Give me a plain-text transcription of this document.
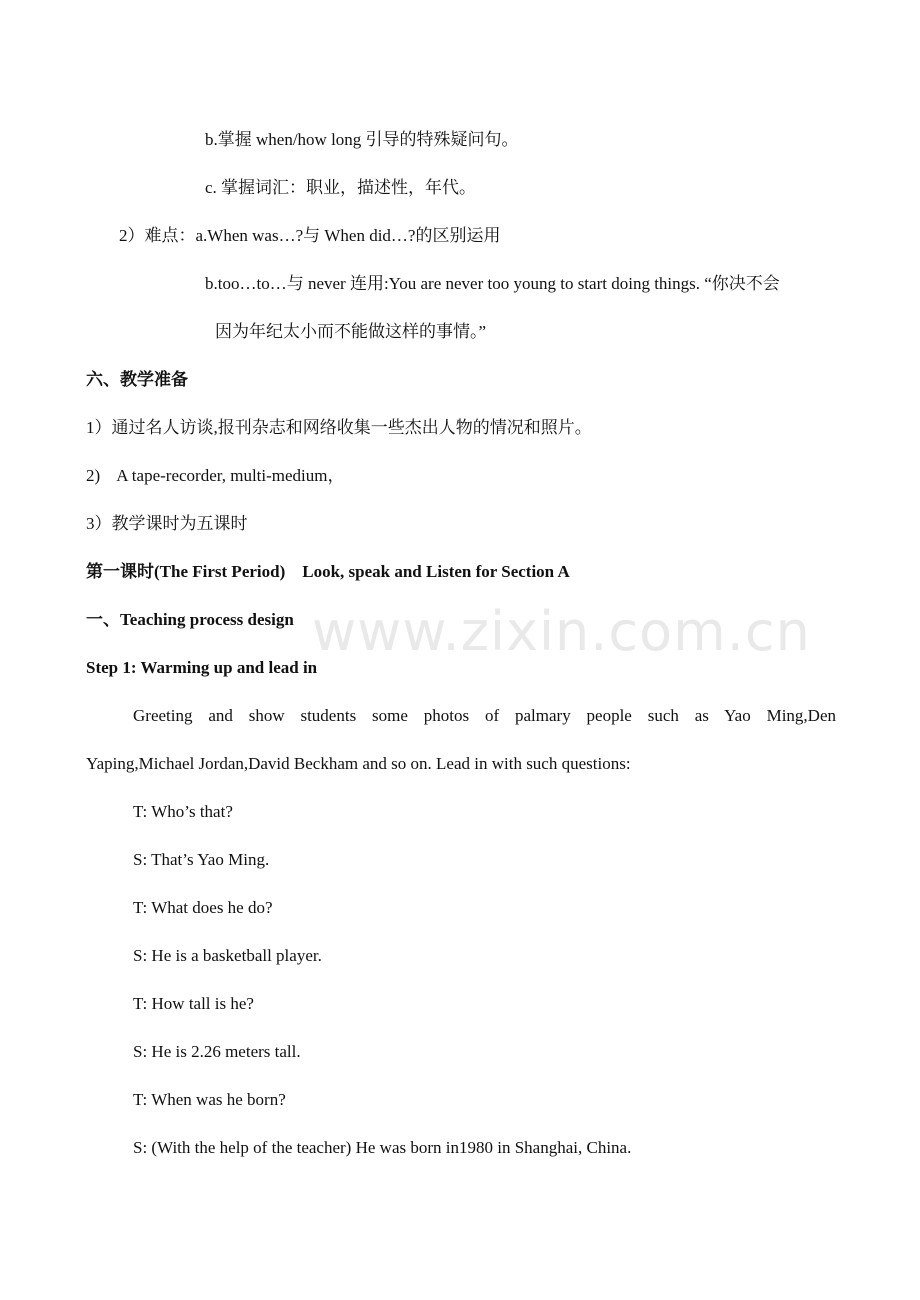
b.掌握 when/how long 引导的特殊疑问句。
c. 掌握词汇：职业，描述性，年代。
2）难点：a.When was…?与 When did…?的区别运用
b.too…to…与 never 连用:You are never too young to start doing things. “你决不会
因为年纪太小而不能做这样的事情。”
六、教学准备
1）通过名人访谈,报刊杂志和网络收集一些杰出人物的情况和照片。
2)    A tape-recorder, multi-medium，
3）教学课时为五课时
第一课时(The First Period)    Look, speak and Listen for Section A
一、Teaching process design
Step 1: Warming up and lead in
Greeting and show students some photos of palmary people such as Yao Ming,Den
Yaping,Michael Jordan,David Beckham and so on. Lead in with such questions:
T: Who’s that?
S: That’s Yao Ming.
T: What does he do?
S: He is a basketball player.
T: How tall is he?
S: He is 2.26 meters tall.
T: When was he born?
S: (With the help of the teacher) He was born in1980 in Shanghai, China.
www.zixin.com.cn
